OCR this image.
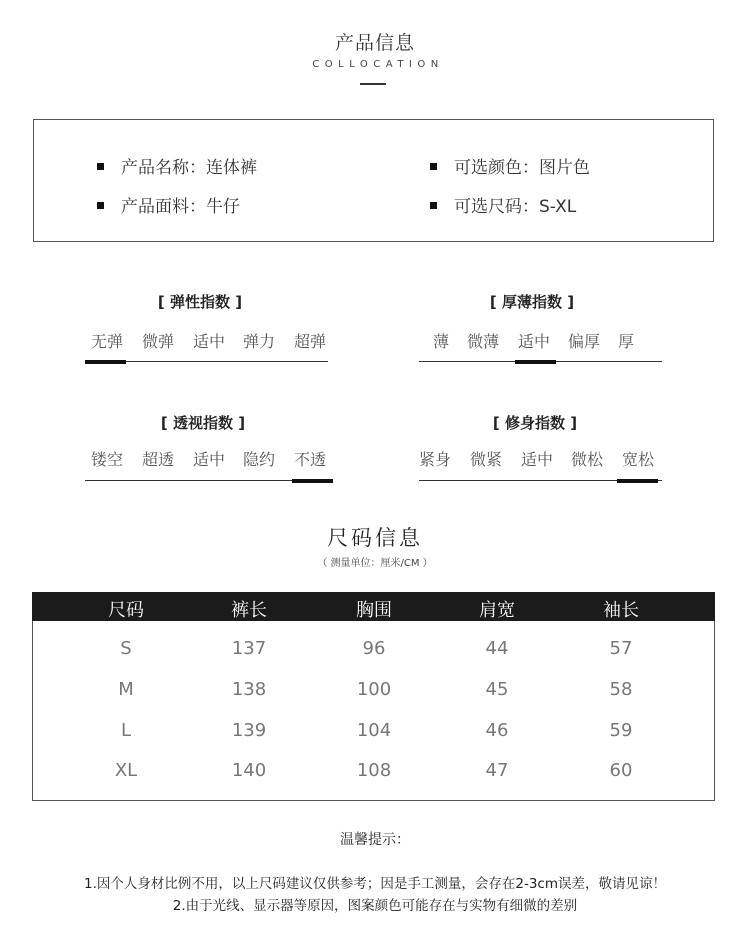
产品信息
COLLOCATION
产品名称：连体裤
产品面料：牛仔
可选颜色：图片色
可选尺码：S-XL
[ 弹性指数 ]
无弹	微弹	适中	弹力	超弹
[ 厚薄指数 ]
薄	微薄	适中	偏厚	厚
[ 透视指数 ]
镂空	超透	适中	隐约	不透
[ 修身指数 ]
紧身	微紧	适中	微松	宽松
尺码信息
（ 测量单位：厘米/CM ）
尺码	裤长	胸围	肩宽	袖长
S	137	96	44	57
M	138	100	45	58
L	139	104	46	59
XL	140	108	47	60
温馨提示：
1.因个人身材比例不用，以上尺码建议仅供参考；因是手工测量，会存在2-3cm误差，敬请见谅！
2.由于光线、显示器等原因，图案颜色可能存在与实物有细微的差别
